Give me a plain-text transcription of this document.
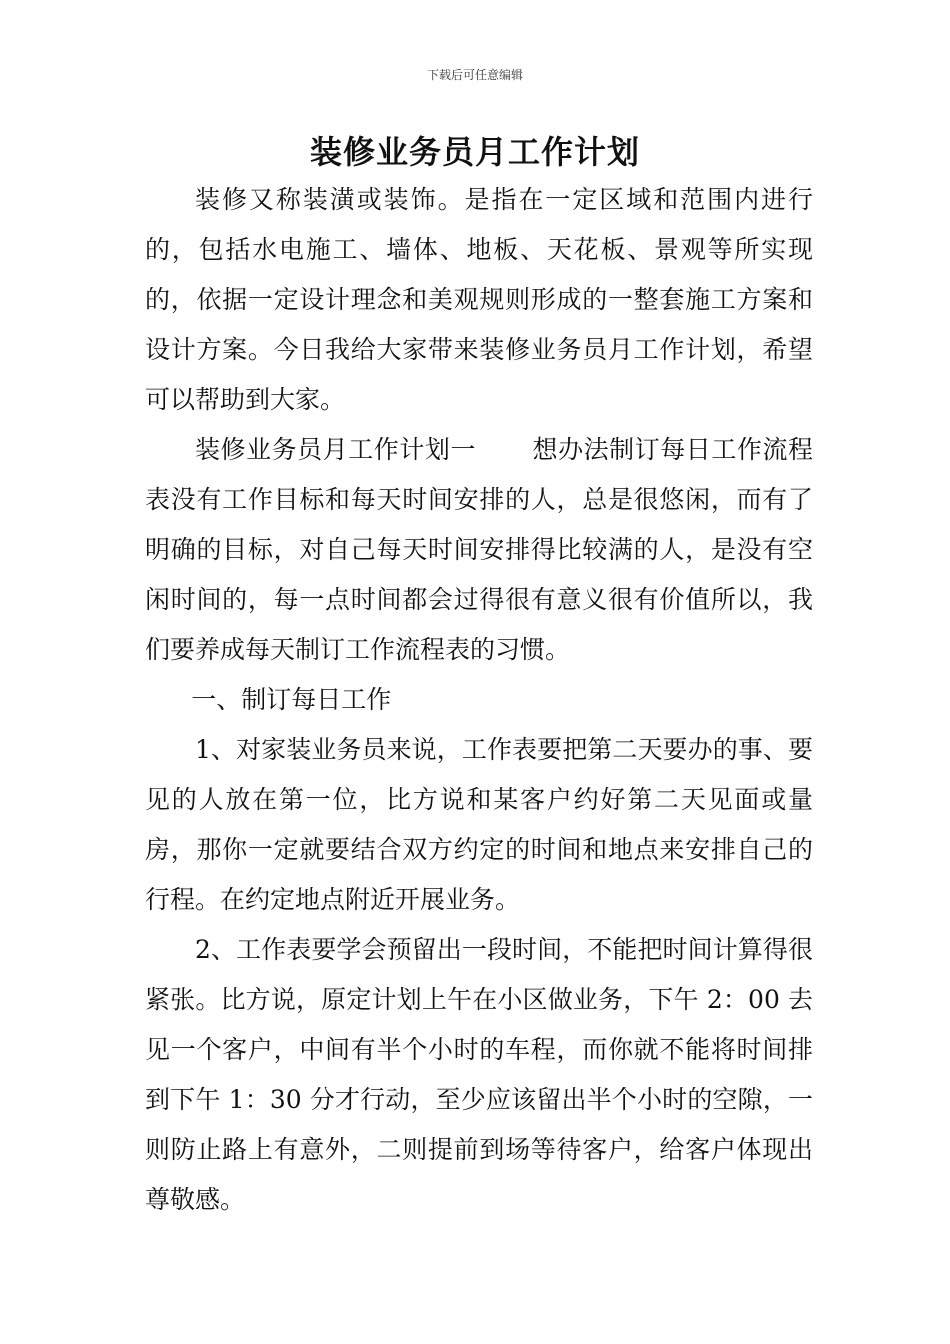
下载后可任意编辑
装修业务员月工作计划

装修又称装潢或装饰。是指在一定区域和范围内进行的，包括水电施工、墙体、地板、天花板、景观等所实现的，依据一定设计理念和美观规则形成的一整套施工方案和设计方案。今日我给大家带来装修业务员月工作计划，希望可以帮助到大家。

装修业务员月工作计划一 想办法制订每日工作流程表没有工作目标和每天时间安排的人，总是很悠闲，而有了明确的目标，对自己每天时间安排得比较满的人，是没有空闲时间的，每一点时间都会过得很有意义很有价值所以，我们要养成每天制订工作流程表的习惯。

一、制订每日工作

1、对家装业务员来说，工作表要把第二天要办的事、要见的人放在第一位，比方说和某客户约好第二天见面或量房，那你一定就要结合双方约定的时间和地点来安排自己的行程。在约定地点附近开展业务。

2、工作表要学会预留出一段时间，不能把时间计算得很紧张。比方说，原定计划上午在小区做业务，下午 2：00 去见一个客户，中间有半个小时的车程，而你就不能将时间排到下午 1：30 分才行动，至少应该留出半个小时的空隙，一则防止路上有意外，二则提前到场等待客户，给客户体现出尊敬感。
